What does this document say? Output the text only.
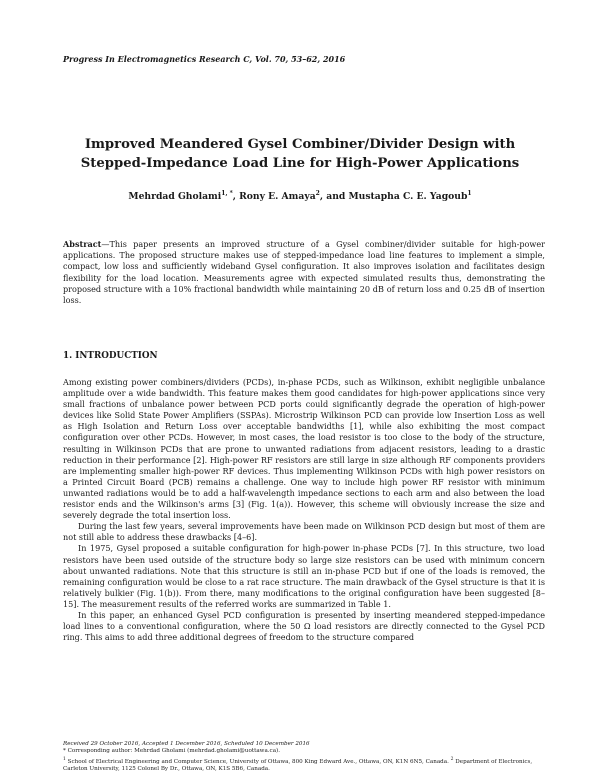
Progress In Electromagnetics Research C, Vol. 70, 53–62, 2016
Improved Meandered Gysel Combiner/Divider Design with
Stepped-Impedance Load Line for High-Power Applications
Mehrdad Gholami$^{1, *}$, Rony E. Amaya$^2$, and Mustapha C. E. Yagoub$^1$
Abstract—This paper presents an improved structure of a Gysel combiner/divider suitable for high-power applications. The proposed structure makes use of stepped-impedance load line features to implement a simple, compact, low loss and sufficiently wideband Gysel configuration. It also improves isolation and facilitates design flexibility for the load location. Measurements agree with expected simulated results thus, demonstrating the proposed structure with a 10% fractional bandwidth while maintaining 20 dB of return loss and 0.25 dB of insertion loss.
1. INTRODUCTION

Among existing power combiners/dividers (PCDs), in-phase PCDs, such as Wilkinson, exhibit negligible unbalance amplitude over a wide bandwidth. This feature makes them good candidates for high-power applications since very small fractions of unbalance power between PCD ports could significantly degrade the operation of high-power devices like Solid State Power Amplifiers (SSPAs). Microstrip Wilkinson PCD can provide low Insertion Loss as well as High Isolation and Return Loss over acceptable bandwidths [1], while also exhibiting the most compact configuration over other PCDs. However, in most cases, the load resistor is too close to the body of the structure, resulting in Wilkinson PCDs that are prone to unwanted radiations from adjacent resistors, leading to a drastic reduction in their performance [2]. High-power RF resistors are still large in size although RF components providers are implementing smaller high-power RF devices. Thus implementing Wilkinson PCDs with high power resistors on a Printed Circuit Board (PCB) remains a challenge. One way to include high power RF resistor with minimum unwanted radiations would be to add a half-wavelength impedance sections to each arm and also between the load resistor ends and the Wilkinson's arms [3] (Fig. 1(a)). However, this scheme will obviously increase the size and severely degrade the total insertion loss.

During the last few years, several improvements have been made on Wilkinson PCD design but most of them are not still able to address these drawbacks [4–6].

In 1975, Gysel proposed a suitable configuration for high-power in-phase PCDs [7]. In this structure, two load resistors have been used outside of the structure body so large size resistors can be used with minimum concern about unwanted radiations. Note that this structure is still an in-phase PCD but if one of the loads is removed, the remaining configuration would be close to a rat race structure. The main drawback of the Gysel structure is that it is relatively bulkier (Fig. 1(b)). From there, many modifications to the original configuration have been suggested [8–15]. The measurement results of the referred works are summarized in Table 1.

In this paper, an enhanced Gysel PCD configuration is presented by inserting meandered stepped-impedance load lines to a conventional configuration, where the 50 Ω load resistors are directly connected to the Gysel PCD ring. This aims to add three additional degrees of freedom to the structure compared

Received 29 October 2016, Accepted 1 December 2016, Scheduled 10 December 2016

* Corresponding author: Mehrdad Gholami (mehrdad.gholami@uottawa.ca).

$^1$ School of Electrical Engineering and Computer Science, University of Ottawa, 800 King Edward Ave., Ottawa, ON, K1N 6N5, Canada. $^2$ Department of Electronics, Carleton University, 1125 Colonel By Dr., Ottawa, ON, K1S 5B6, Canada.
